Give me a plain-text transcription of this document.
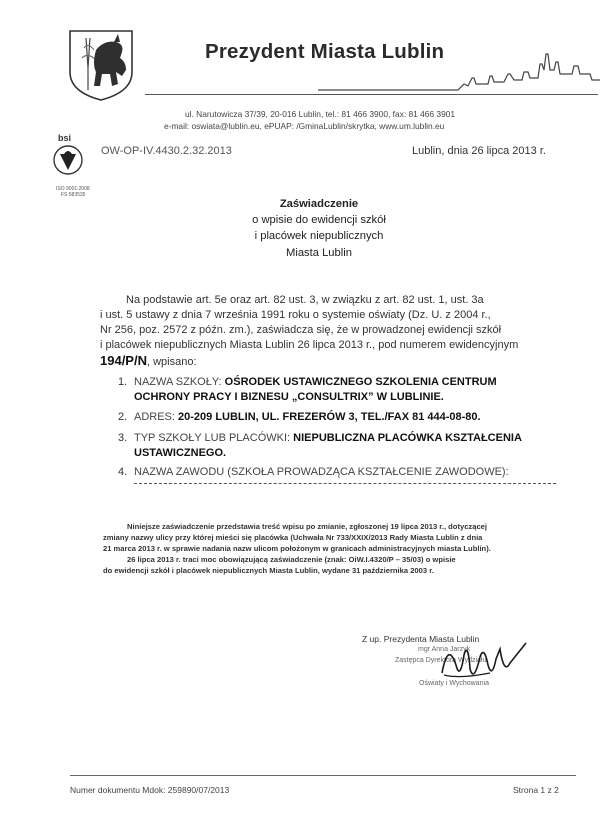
Prezydent Miasta Lublin
ul. Narutowicza 37/39, 20-016 Lublin, tel.: 81 466 3900, fax: 81 466 3901
e-mail: oswiata@lublin.eu, ePUAP: /GminaLublin/skrytka, www.um.lublin.eu
bsi
ISO 9001:2008
FS 583535
OW-OP-IV.4430.2.32.2013	Lublin, dnia 26 lipca 2013 r.
Zaświadczenie
o wpisie do ewidencji szkół
i placówek niepublicznych
Miasta Lublin
Na podstawie art. 5e oraz art. 82 ust. 3, w związku z art. 82 ust. 1, ust. 3a
i ust. 5 ustawy z dnia 7 września 1991 roku o systemie oświaty (Dz. U. z 2004 r.,
Nr 256, poz. 2572 z późn. zm.), zaświadcza się, że w prowadzonej ewidencji szkół
i placówek niepublicznych Miasta Lublin 26 lipca 2013 r., pod numerem ewidencyjnym
194/P/N, wpisano:
1. NAZWA SZKOŁY: OŚRODEK USTAWICZNEGO SZKOLENIA CENTRUM
OCHRONY PRACY I BIZNESU „CONSULTRIX” W LUBLINIE.
2. ADRES: 20-209 LUBLIN, UL. FREZERÓW 3, TEL./FAX 81 444-08-80.
3. TYP SZKOŁY LUB PLACÓWKI: NIEPUBLICZNA PLACÓWKA KSZTAŁCENIA
USTAWICZNEGO.
4. NAZWA ZAWODU (SZKOŁA PROWADZĄCA KSZTAŁCENIE ZAWODOWE):
Niniejsze zaświadczenie przedstawia treść wpisu po zmianie, zgłoszonej 19 lipca 2013 r., dotyczącej
zmiany nazwy ulicy przy której mieści się placówka (Uchwała Nr 733/XXIX/2013 Rady Miasta Lublin z dnia
21 marca 2013 r. w sprawie nadania nazw ulicom położonym w granicach administracyjnych miasta Lublin).
26 lipca 2013 r. traci moc obowiązującą zaświadczenie (znak: OiW.I.4320/P – 35/03) o wpisie
do ewidencji szkół i placówek niepublicznych Miasta Lublin, wydane 31 października 2003 r.
Z up. Prezydenta Miasta Lublin
mgr Anna Jarzyk
Zastępca Dyrektora Wydziału
Oświaty i Wychowania
Numer dokumentu Mdok: 259890/07/2013	Strona 1 z 2
